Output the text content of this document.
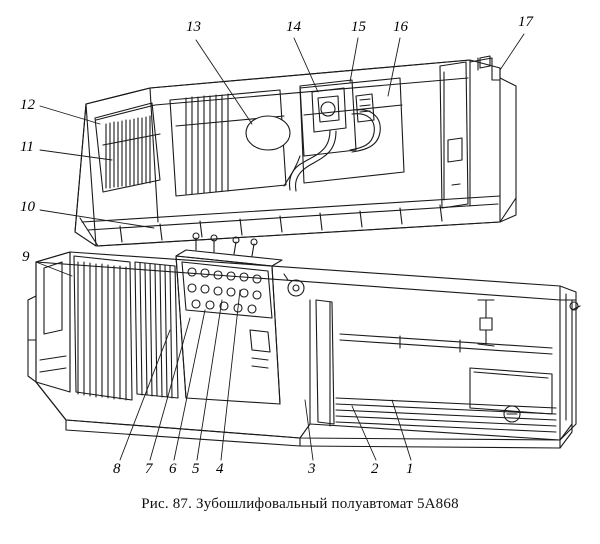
13	14	15 16	17
12
11
10
9
8 7 6 5 4	3	2 1
Рис. 87. Зубошлифовальный полуавтомат 5А868
